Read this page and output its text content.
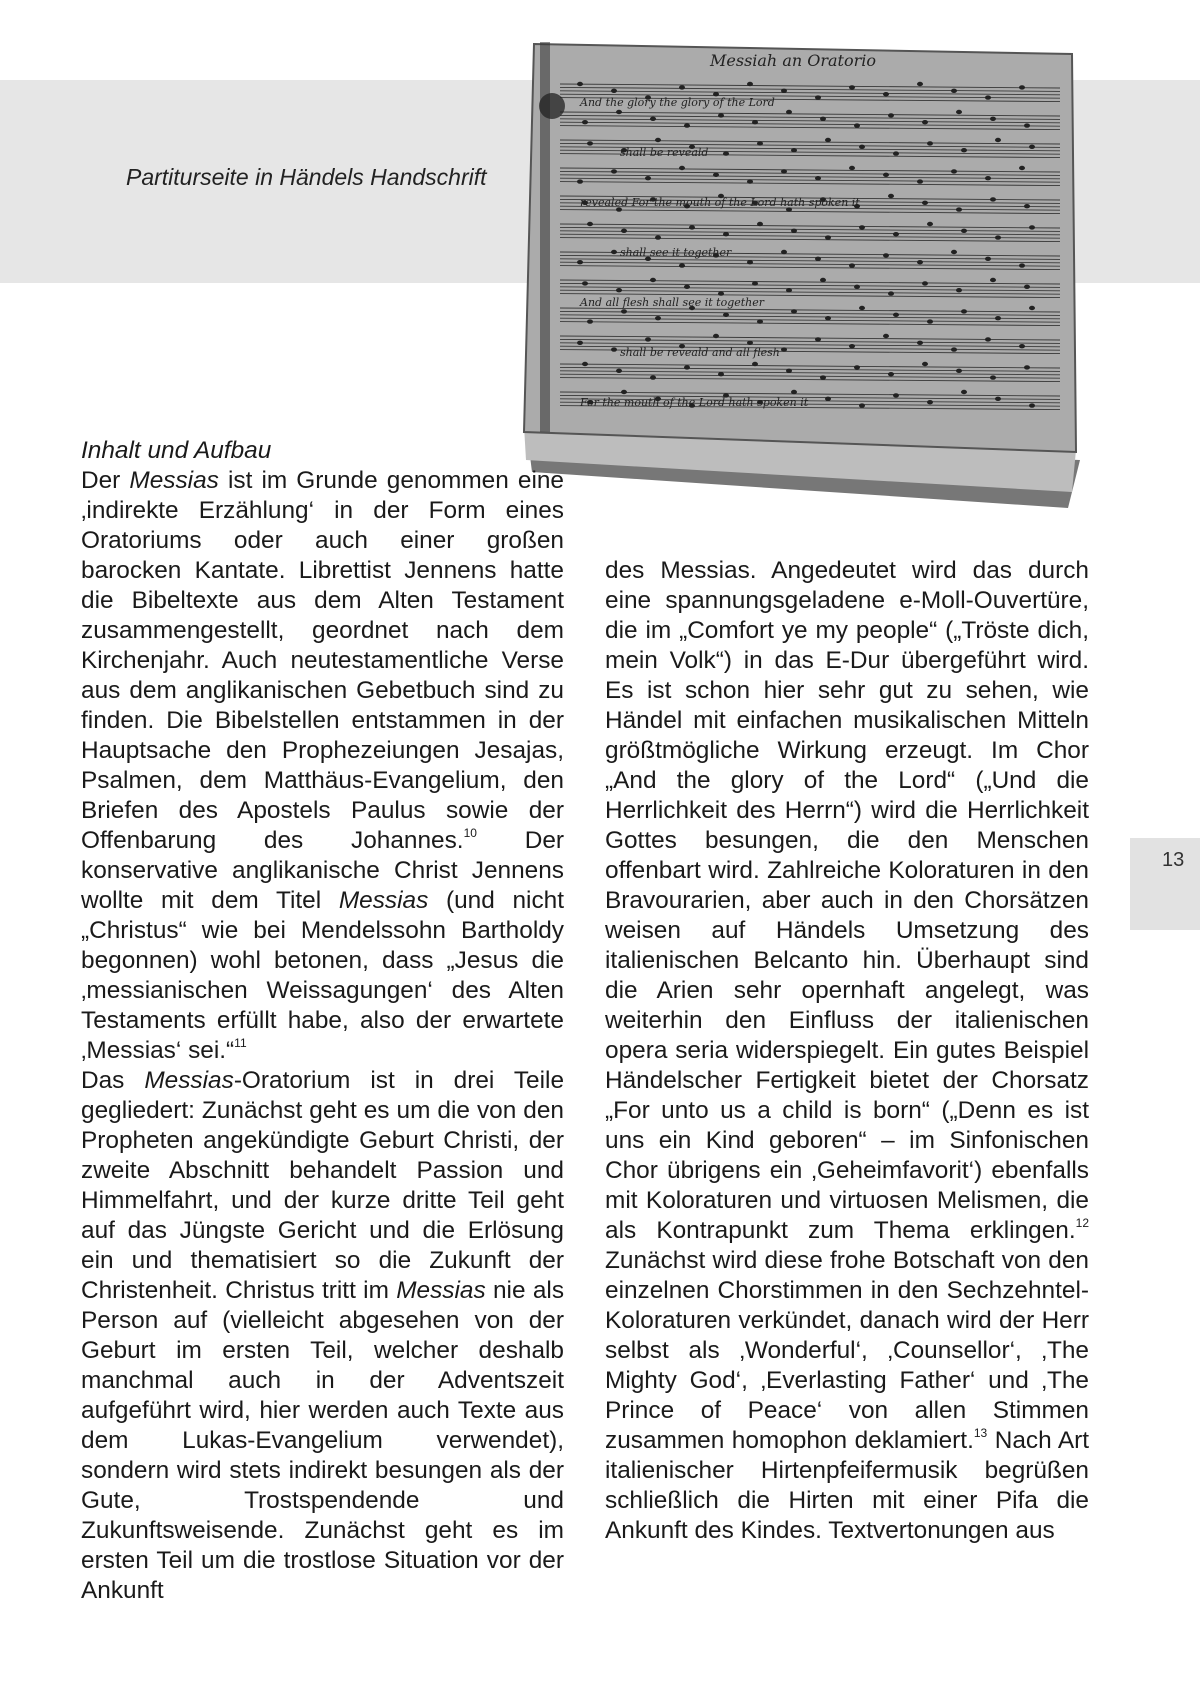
Partiturseite in Händels Handschrift
Messiah an Oratorio
And the glory the glory of the Lord
shall be reveald
revealed For the mouth of the Lord hath spoken it
shall see it together
And all flesh shall see it together
shall be reveald and all flesh
For the mouth of the Lord hath spoken it

Inhalt und Aufbau

Der Messias ist im Grunde genommen eine ‚indirekte Erzählung‘ in der Form eines Oratoriums oder auch einer großen barocken Kantate. Librettist Jennens hatte die Bibeltexte aus dem Alten Testament zusammengestellt, geordnet nach dem Kirchenjahr. Auch neutestamentliche Verse aus dem anglikanischen Gebetbuch sind zu finden. Die Bibelstellen entstammen in der Hauptsache den Prophezeiungen Jesajas, Psalmen, dem Matthäus-Evangelium, den Briefen des Apostels Paulus sowie der Offenbarung des Johannes.$^{10}$ Der konservative anglikanische Christ Jennens wollte mit dem Titel Messias (und nicht „Christus“ wie bei Mendelssohn Bartholdy begonnen) wohl betonen, dass „Jesus die ‚messianischen Weissagungen‘ des Alten Testaments erfüllt habe, also der erwartete ‚Messias‘ sei.“$^{11}$

Das Messias-Oratorium ist in drei Teile gegliedert: Zunächst geht es um die von den Propheten angekündigte Geburt Christi, der zweite Abschnitt behandelt Passion und Himmelfahrt, und der kurze dritte Teil geht auf das Jüngste Gericht und die Erlösung ein und thematisiert so die Zukunft der Christenheit. Christus tritt im Messias nie als Person auf (vielleicht abgesehen von der Geburt im ersten Teil, welcher deshalb manchmal auch in der Adventszeit aufgeführt wird, hier werden auch Texte aus dem Lukas-Evangelium verwendet), sondern wird stets indirekt besungen als der Gute, Trostspendende und Zukunftsweisende. Zunächst geht es im ersten Teil um die trostlose Situation vor der Ankunft

des Messias. Angedeutet wird das durch eine spannungsgeladene e-Moll-Ouvertüre, die im „Comfort ye my people“ („Tröste dich, mein Volk“) in das E-Dur übergeführt wird. Es ist schon hier sehr gut zu sehen, wie Händel mit einfachen musikalischen Mitteln größtmögliche Wirkung erzeugt. Im Chor „And the glory of the Lord“ („Und die Herrlichkeit des Herrn“) wird die Herrlichkeit Gottes besungen, die den Menschen offenbart wird. Zahlreiche Koloraturen in den Bravourarien, aber auch in den Chorsätzen weisen auf Händels Umsetzung des italienischen Belcanto hin. Überhaupt sind die Arien sehr opernhaft angelegt, was weiterhin den Einfluss der italienischen opera seria widerspiegelt. Ein gutes Beispiel Händelscher Fertigkeit bietet der Chorsatz „For unto us a child is born“ („Denn es ist uns ein Kind geboren“ – im Sinfonischen Chor übrigens ein ‚Geheimfavorit‘) ebenfalls mit Koloraturen und virtuosen Melismen, die als Kontrapunkt zum Thema erklingen.$^{12}$ Zunächst wird diese frohe Botschaft von den einzelnen Chorstimmen in den Sechzehntel-Koloraturen verkündet, danach wird der Herr selbst als ‚Wonderful‘, ‚Counsellor‘, ‚The Mighty God‘, ‚Everlasting Father‘ und ‚The Prince of Peace‘ von allen Stimmen zusammen homophon deklamiert.$^{13}$ Nach Art italienischer Hirtenpfeifermusik begrüßen schließlich die Hirten mit einer Pifa die Ankunft des Kindes. Textvertonungen aus

13
